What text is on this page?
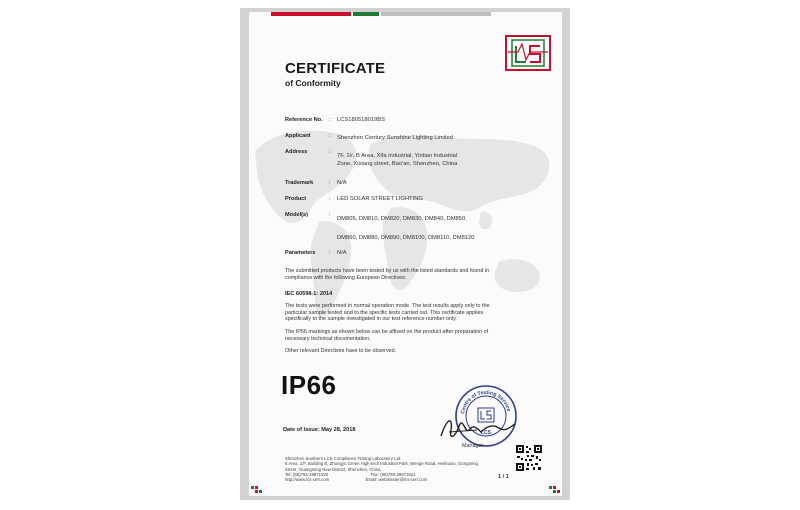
CERTIFICATE
of Conformity
Reference No. : LCS180518019BS
Applicant	: Shenzhen Century Sunshine Lighting Limited
Address	:
7F, 1#, B Area, Xifa industrial, Yintian Industrial
Zone, Xixiang street, Bao'an, Shenzhen, China
Trademark	: N/A
Product	: LED SOLAR STREET LIGHTING
Model(s)	:
DM805, DM810, DM820, DM830, DM840, DM850,
DM860, DM880, DM890, DM8100, DM8110, DM8120
Parameters : N/A
The submitted products have been tested by us with the listed standards and found in
compliance with the following European Directives:
IEC 60598-1: 2014
The tests were performed in normal operation mode. The test results apply only to the
particular sample tested and to the specific tests carried out. This certificate applies
specifically to the sample investigated in our test reference number only.
The IP66 markings as shown below can be affixed on the product after preparation of
necessary technical documentation.
Other relevant Directives have to be observed.
IP66
Centre of Testing Service
LCS
Manager
Date of Issue: May 28, 2018
Shenzhen Southern LCS Compliance Testing Laboratory Ltd.
5 Area, 1/F, Building B, Zhongyu Green High-tech Industrial Park, Wenge Road, Heshuiou, Gongming
Street, Guangming New District, Shenzhen, China
Tel: (86)755-29871520	Fax: (86)755-29871521
http://www.lcs-cert.com	Email: webmaster@lcs-cert.com	1 / 1
